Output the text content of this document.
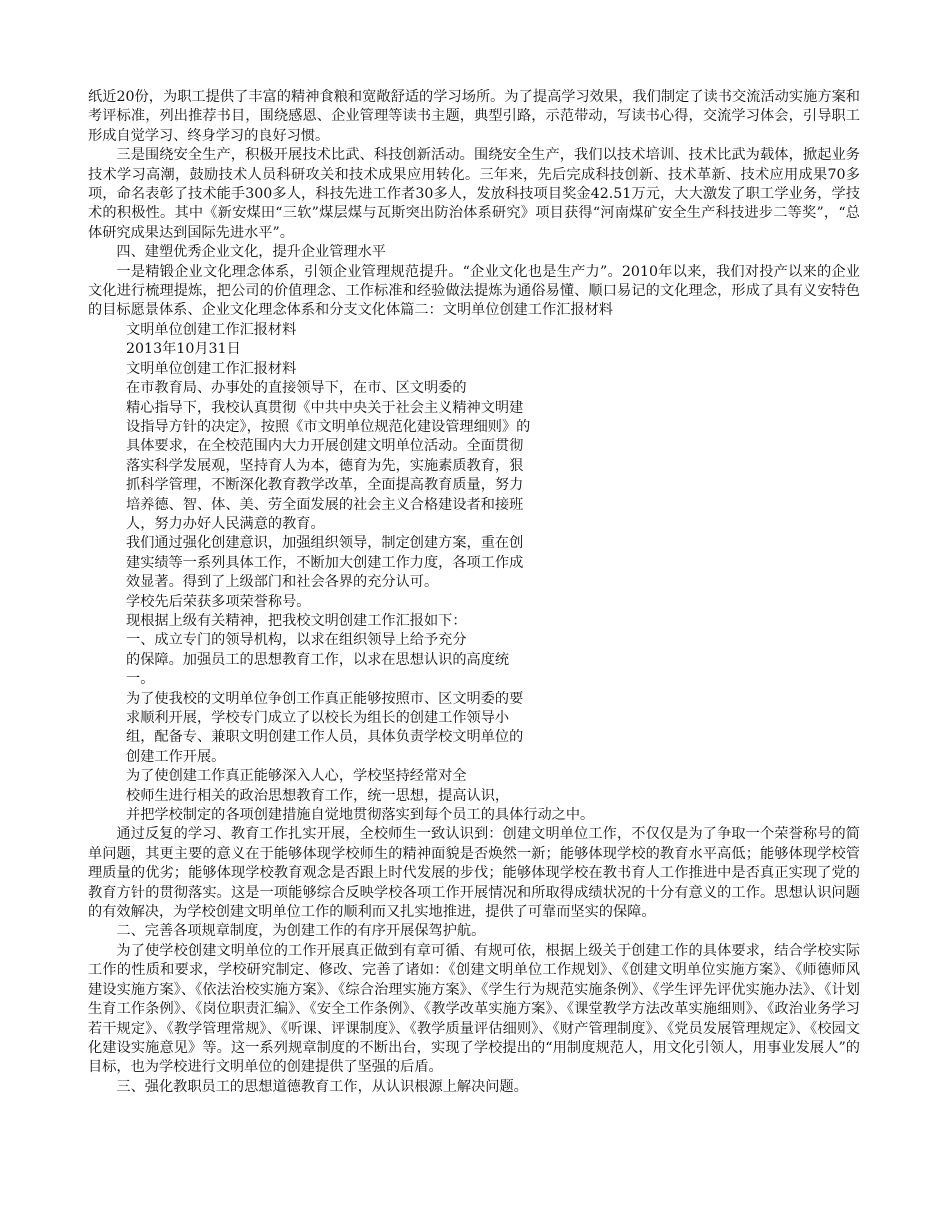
纸近20份，为职工提供了丰富的精神食粮和宽敞舒适的学习场所。为了提高学习效果，我们制定了读书交流活动实施方案和考评标准，列出推荐书目，围绕感恩、企业管理等读书主题，典型引路，示范带动，写读书心得，交流学习体会，引导职工形成自觉学习、终身学习的良好习惯。

三是围绕安全生产，积极开展技术比武、科技创新活动。围绕安全生产，我们以技术培训、技术比武为载体，掀起业务技术学习高潮，鼓励技术人员科研攻关和技术成果应用转化。三年来，先后完成科技创新、技术革新、技术应用成果70多项，命名表彰了技术能手300多人，科技先进工作者30多人，发放科技项目奖金42.51万元，大大激发了职工学业务，学技术的积极性。其中《新安煤田“三软”煤层煤与瓦斯突出防治体系研究》项目获得“河南煤矿安全生产科技进步二等奖”，“总体研究成果达到国际先进水平”。

四、建塑优秀企业文化，提升企业管理水平

一是精锻企业文化理念体系，引领企业管理规范提升。“企业文化也是生产力”。2010年以来，我们对投产以来的企业文化进行梳理提炼，把公司的价值理念、工作标准和经验做法提炼为通俗易懂、顺口易记的文化理念，形成了具有义安特色的目标愿景体系、企业文化理念体系和分支文化体篇二：文明单位创建工作汇报材料

文明单位创建工作汇报材料

2013年10月31日

文明单位创建工作汇报材料

在市教育局、办事处的直接领导下，在市、区文明委的

精心指导下，我校认真贯彻《中共中央关于社会主义精神文明建设指导方针的决定》，按照《市文明单位规范化建设管理细则》的具体要求，在全校范围内大力开展创建文明单位活动。全面贯彻落实科学发展观，坚持育人为本，德育为先，实施素质教育，狠抓科学管理，不断深化教育教学改革，全面提高教育质量，努力培养德、智、体、美、劳全面发展的社会主义合格建设者和接班人，努力办好人民满意的教育。

我们通过强化创建意识，加强组织领导，制定创建方案，重在创建实绩等一系列具体工作，不断加大创建工作力度，各项工作成效显著。得到了上级部门和社会各界的充分认可。

学校先后荣获多项荣誉称号。

现根据上级有关精神，把我校文明创建工作汇报如下：

一、成立专门的领导机构，以求在组织领导上给予充分

的保障。加强员工的思想教育工作，以求在思想认识的高度统一。

为了使我校的文明单位争创工作真正能够按照市、区文明委的要求顺利开展，学校专门成立了以校长为组长的创建工作领导小组，配备专、兼职文明创建工作人员，具体负责学校文明单位的创建工作开展。

为了使创建工作真正能够深入人心，学校坚持经常对全

校师生进行相关的政治思想教育工作，统一思想，提高认识，

并把学校制定的各项创建措施自觉地贯彻落实到每个员工的具体行动之中。

通过反复的学习、教育工作扎实开展，全校师生一致认识到：创建文明单位工作，不仅仅是为了争取一个荣誉称号的简单问题，其更主要的意义在于能够体现学校师生的精神面貌是否焕然一新；能够体现学校的教育水平高低；能够体现学校管理质量的优劣；能够体现学校教育观念是否跟上时代发展的步伐；能够体现学校在教书育人工作推进中是否真正实现了党的教育方针的贯彻落实。这是一项能够综合反映学校各项工作开展情况和所取得成绩状况的十分有意义的工作。思想认识问题的有效解决，为学校创建文明单位工作的顺利而又扎实地推进，提供了可靠而坚实的保障。

二、完善各项规章制度，为创建工作的有序开展保驾护航。

为了使学校创建文明单位的工作开展真正做到有章可循、有规可依，根据上级关于创建工作的具体要求，结合学校实际工作的性质和要求，学校研究制定、修改、完善了诸如：《创建文明单位工作规划》、《创建文明单位实施方案》、《师德师风建设实施方案》、《依法治校实施方案》、《综合治理实施方案》、《学生行为规范实施条例》、《学生评先评优实施办法》、《计划生育工作条例》、《岗位职责汇编》、《安全工作条例》、《教学改革实施方案》、《课堂教学方法改革实施细则》、《政治业务学习若干规定》、《教学管理常规》、《听课、评课制度》、《教学质量评估细则》、《财产管理制度》、《党员发展管理规定》、《校园文化建设实施意见》等。这一系列规章制度的不断出台，实现了学校提出的“用制度规范人，用文化引领人，用事业发展人”的目标，也为学校进行文明单位的创建提供了坚强的后盾。

三、强化教职员工的思想道德教育工作，从认识根源上解决问题。
